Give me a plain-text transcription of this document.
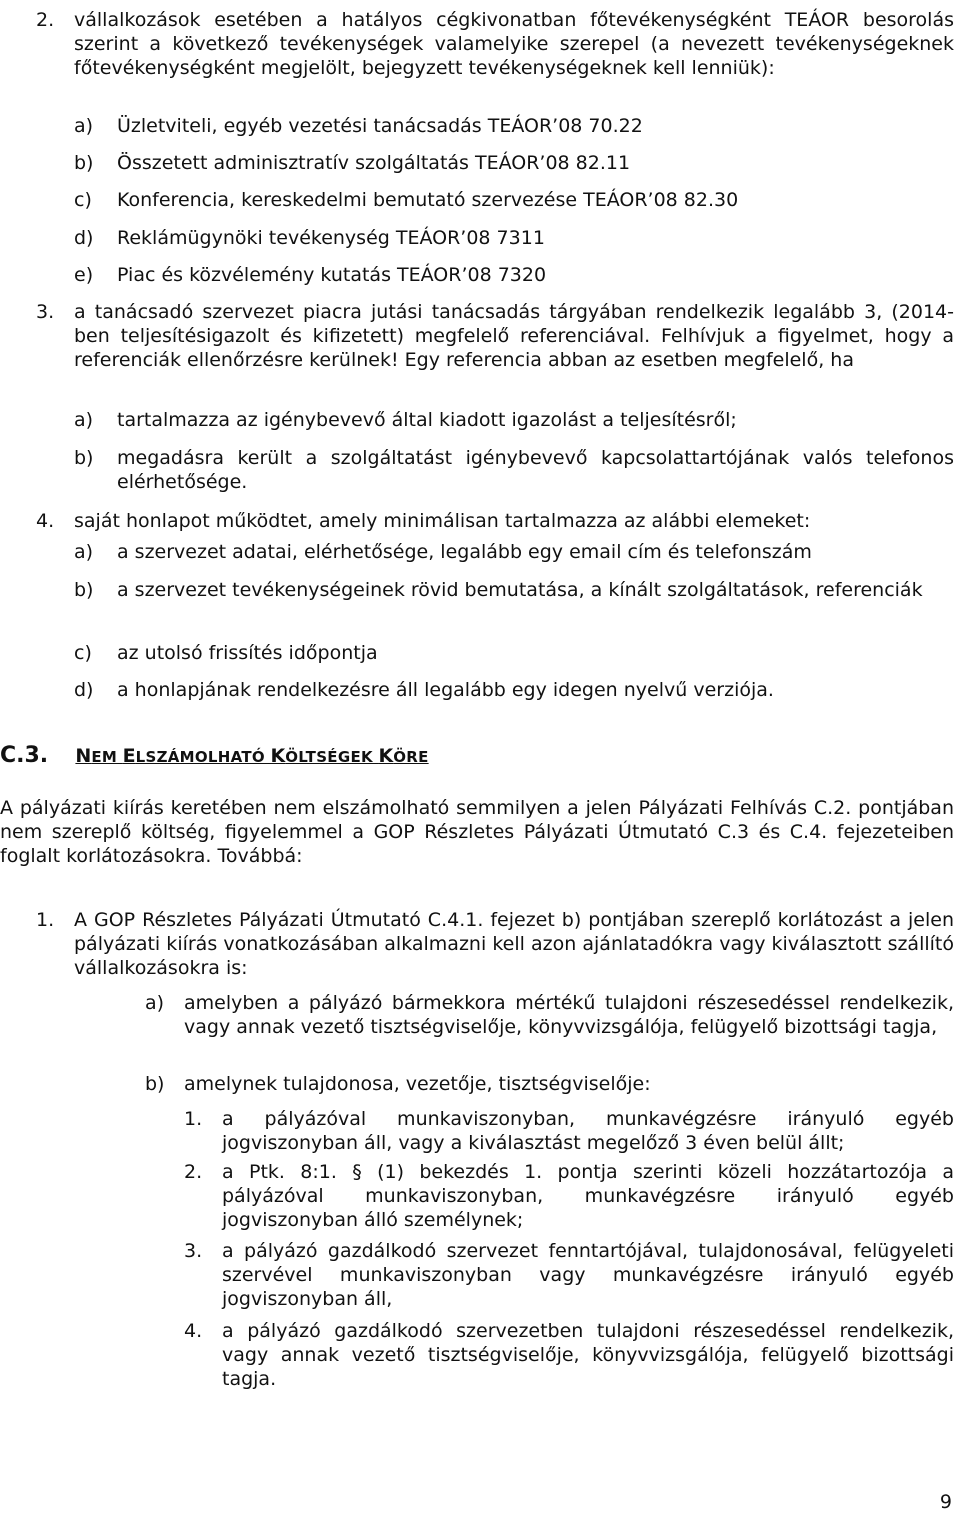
2. vállalkozások esetében a hatályos cégkivonatban főtevékenységként TEÁOR besorolás szerint a következő tevékenységek valamelyike szerepel (a nevezett tevékenységeknek főtevékenységként megjelölt, bejegyzett tevékenységeknek kell lenniük):

a) Üzletviteli, egyéb vezetési tanácsadás TEÁOR’08 70.22
b) Összetett adminisztratív szolgáltatás TEÁOR’08 82.11
c) Konferencia, kereskedelmi bemutató szervezése TEÁOR’08 82.30
d) Reklámügynöki tevékenység TEÁOR’08 7311
e) Piac és közvélemény kutatás TEÁOR’08 7320
3. a tanácsadó szervezet piacra jutási tanácsadás tárgyában rendelkezik legalább 3, (2014-ben teljesítésigazolt és kifizetett) megfelelő referenciával. Felhívjuk a figyelmet, hogy a referenciák ellenőrzésre kerülnek! Egy referencia abban az esetben megfelelő, ha

a) tartalmazza az igénybevevő által kiadott igazolást a teljesítésről;
b) megadásra került a szolgáltatást igénybevevő kapcsolattartójának valós telefonos elérhetősége.

4. saját honlapot működtet, amely minimálisan tartalmazza az alábbi elemeket:
a) a szervezet adatai, elérhetősége, legalább egy email cím és telefonszám
b) a szervezet tevékenységeinek rövid bemutatása, a kínált szolgáltatások, referenciák

c) az utolsó frissítés időpontja
d) a honlapjának rendelkezésre áll legalább egy idegen nyelvű verziója.
C.3. NEM ELSZÁMOLHATÓ KÖLTSÉGEK KÖRE

A pályázati kiírás keretében nem elszámolható semmilyen a jelen Pályázati Felhívás C.2. pontjában nem szereplő költség, figyelemmel a GOP Részletes Pályázati Útmutató C.3 és C.4. fejezeteiben foglalt korlátozásokra. Továbbá:

1. A GOP Részletes Pályázati Útmutató C.4.1. fejezet b) pontjában szereplő korlátozást a jelen pályázati kiírás vonatkozásában alkalmazni kell azon ajánlatadókra vagy kiválasztott szállító vállalkozásokra is:

a) amelyben a pályázó bármekkora mértékű tulajdoni részesedéssel rendelkezik, vagy annak vezető tisztségviselője, könyvvizsgálója, felügyelő bizottsági tagja,

b) amelynek tulajdonosa, vezetője, tisztségviselője:
1. a pályázóval munkaviszonyban, munkavégzésre irányuló egyéb jogviszonyban áll, vagy a kiválasztást megelőző 3 éven belül állt;

2. a Ptk. 8:1. § (1) bekezdés 1. pontja szerinti közeli hozzátartozója a pályázóval munkaviszonyban, munkavégzésre irányuló egyéb jogviszonyban álló személynek;

3. a pályázó gazdálkodó szervezet fenntartójával, tulajdonosával, felügyeleti szervével munkaviszonyban vagy munkavégzésre irányuló egyéb jogviszonyban áll,

4. a pályázó gazdálkodó szervezetben tulajdoni részesedéssel rendelkezik, vagy annak vezető tisztségviselője, könyvvizsgálója, felügyelő bizottsági tagja.

9
